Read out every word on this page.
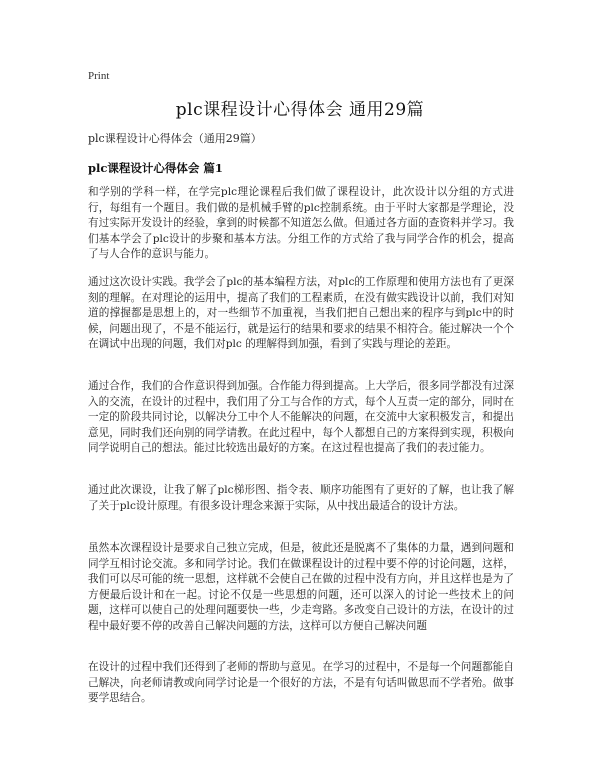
Print
plc课程设计心得体会 通用29篇
plc课程设计心得体会（通用29篇）
plc课程设计心得体会 篇1

和学别的学科一样，在学完plc理论课程后我们做了课程设计，此次设计以分组的方式进行，每组有一个题目。我们做的是机械手臂的plc控制系统。由于平时大家都是学理论，没有过实际开发设计的经验，拿到的时候都不知道怎么做。但通过各方面的查资料并学习。我们基本学会了plc设计的步聚和基本方法。分组工作的方式给了我与同学合作的机会，提高了与人合作的意识与能力。

通过这次设计实践。我学会了plc的基本编程方法，对plc的工作原理和使用方法也有了更深刻的理解。在对理论的运用中，提高了我们的工程素质，在没有做实践设计以前，我们对知道的撑握都是思想上的，对一些细节不加重视，当我们把自己想出来的程序与到plc中的时候，问题出现了，不是不能运行，就是运行的结果和要求的结果不相符合。能过解决一个个在调试中出现的问题，我们对plc 的理解得到加强，看到了实践与理论的差距。

通过合作，我们的合作意识得到加强。合作能力得到提高。上大学后，很多同学都没有过深入的交流，在设计的过程中，我们用了分工与合作的方式，每个人互责一定的部分，同时在一定的阶段共同讨论，以解决分工中个人不能解决的问题，在交流中大家积极发言，和提出意见，同时我们还向别的同学请教。在此过程中，每个人都想自己的方案得到实现，积极向同学说明自己的想法。能过比较选出最好的方案。在这过程也提高了我们的表过能力。

通过此次课设，让我了解了plc梯形图、指令表、顺序功能图有了更好的了解，也让我了解了关于plc设计原理。有很多设计理念来源于实际，从中找出最适合的设计方法。

虽然本次课程设计是要求自己独立完成，但是，彼此还是脱离不了集体的力量，遇到问题和同学互相讨论交流。多和同学讨论。我们在做课程设计的过程中要不停的讨论问题，这样，我们可以尽可能的统一思想，这样就不会使自己在做的过程中没有方向，并且这样也是为了方便最后设计和在一起。讨论不仅是一些思想的问题，还可以深入的讨论一些技术上的问题，这样可以使自己的处理问题要快一些，少走弯路。多改变自己设计的方法，在设计的过程中最好要不停的改善自己解决问题的方法，这样可以方便自己解决问题

在设计的过程中我们还得到了老师的帮助与意见。在学习的过程中，不是每一个问题都能自己解决，向老师请教或向同学讨论是一个很好的方法，不是有句话叫做思而不学者殆。做事要学思结合。
